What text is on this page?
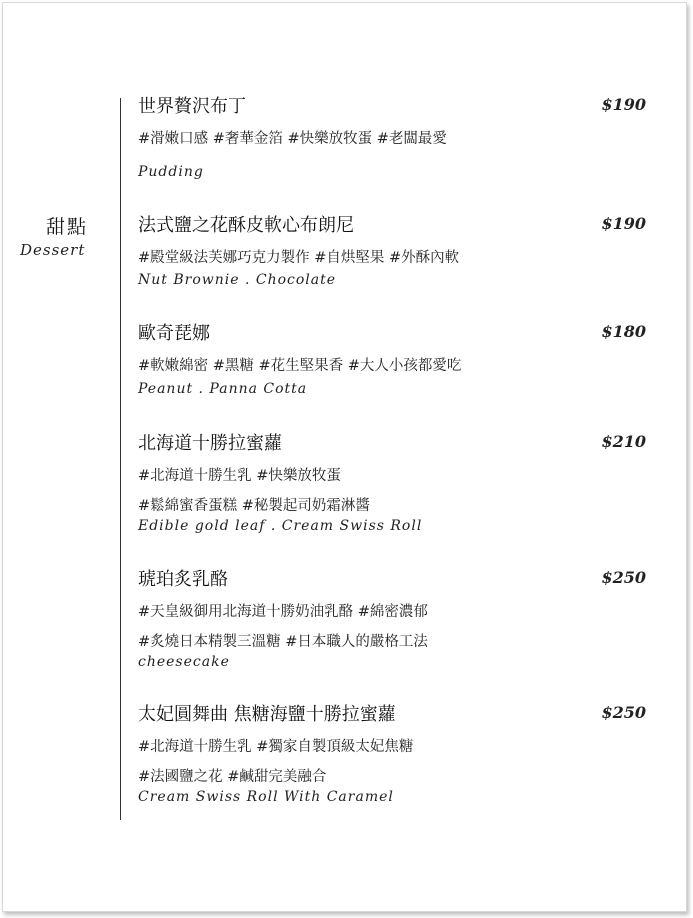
甜點
Dessert
世界贅沢布丁	$190
#滑嫩口感 #奢華金箔 #快樂放牧蛋 #老闆最愛
Pudding
法式鹽之花酥皮軟心布朗尼	$190
#殿堂級法芙娜巧克力製作 #自烘堅果 #外酥內軟
Nut Brownie . Chocolate
歐奇琵娜	$180
#軟嫩綿密 #黑糖 #花生堅果香 #大人小孩都愛吃
Peanut . Panna Cotta
北海道十勝拉蜜蘿	$210
#北海道十勝生乳 #快樂放牧蛋
#鬆綿蜜香蛋糕 #秘製起司奶霜淋醬
Edible gold leaf . Cream Swiss Roll
琥珀炙乳酪	$250
#天皇級御用北海道十勝奶油乳酪 #綿密濃郁
#炙燒日本精製三溫糖 #日本職人的嚴格工法
cheesecake
太妃圓舞曲 焦糖海鹽十勝拉蜜蘿	$250
#北海道十勝生乳 #獨家自製頂級太妃焦糖
#法國鹽之花 #鹹甜完美融合
Cream Swiss Roll With Caramel
